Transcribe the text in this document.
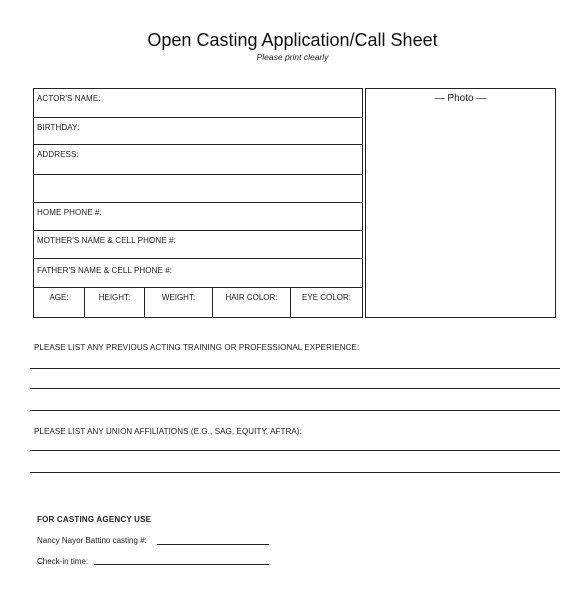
Open Casting Application/Call Sheet
Please print clearly
ACTOR'S NAME:
BIRTHDAY:
ADDRESS:
HOME PHONE #:
MOTHER'S NAME & CELL PHONE #:
FATHER'S NAME & CELL PHONE #:
AGE:	HEIGHT:	WEIGHT:	HAIR COLOR:	EYE COLOR:
— Photo —
PLEASE LIST ANY PREVIOUS ACTING TRAINING OR PROFESSIONAL EXPERIENCE:
PLEASE LIST ANY UNION AFFILIATIONS (E.G., SAG, EQUITY, AFTRA):
FOR CASTING AGENCY USE
Nancy Nayor Battino casting #:
Check-in time:
